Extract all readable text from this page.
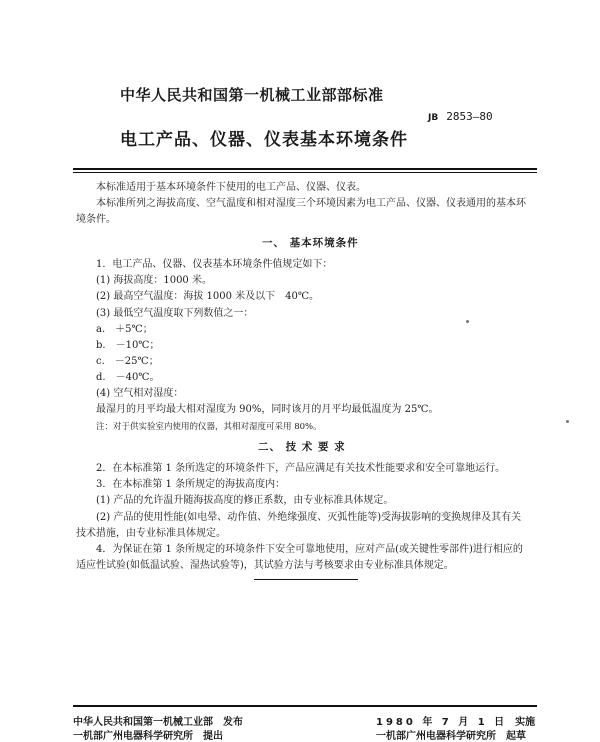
中华人民共和国第一机械工业部部标准
JB 2853—80
电工产品、仪器、仪表基本环境条件
本标准适用于基本环境条件下使用的电工产品、仪器、仪表。
本标准所列之海拔高度、空气温度和相对湿度三个环境因素为电工产品、仪器、仪表通用的基本环
境条件。
一、 基本环境条件
1．电工产品、仪器、仪表基本环境条件值规定如下：
(1) 海拔高度：1000 米。
(2) 最高空气温度：海拔 1000 米及以下　40℃。
(3) 最低空气温度取下列数值之一：
a.　＋5℃；
b.　－10℃；
c.　－25℃；
d.　－40℃。
(4) 空气相对湿度：
最湿月的月平均最大相对湿度为 90%，同时该月的月平均最低温度为 25℃。
注：对于供实验室内使用的仪器，其相对湿度可采用 80%。
二、 技 术 要 求
2．在本标准第 1 条所选定的环境条件下，产品应满足有关技术性能要求和安全可靠地运行。
3．在本标准第 1 条所规定的海拔高度内：
(1) 产品的允许温升随海拔高度的修正系数，由专业标准具体规定。
(2) 产品的使用性能(如电晕、动作值、外绝缘强度、灭弧性能等)受海拔影响的变换规律及其有关
技术措施，由专业标准具体规定。
4．为保证在第 1 条所规定的环境条件下安全可靠地使用，应对产品(或关键性零部件)进行相应的
适应性试验(如低温试验、湿热试验等)，其试验方法与考核要求由专业标准具体规定。
中华人民共和国第一机械工业部　发布
一机部广州电器科学研究所　提出
1980 年 7 月 1 日 实施
一机部广州电器科学研究所　起草
